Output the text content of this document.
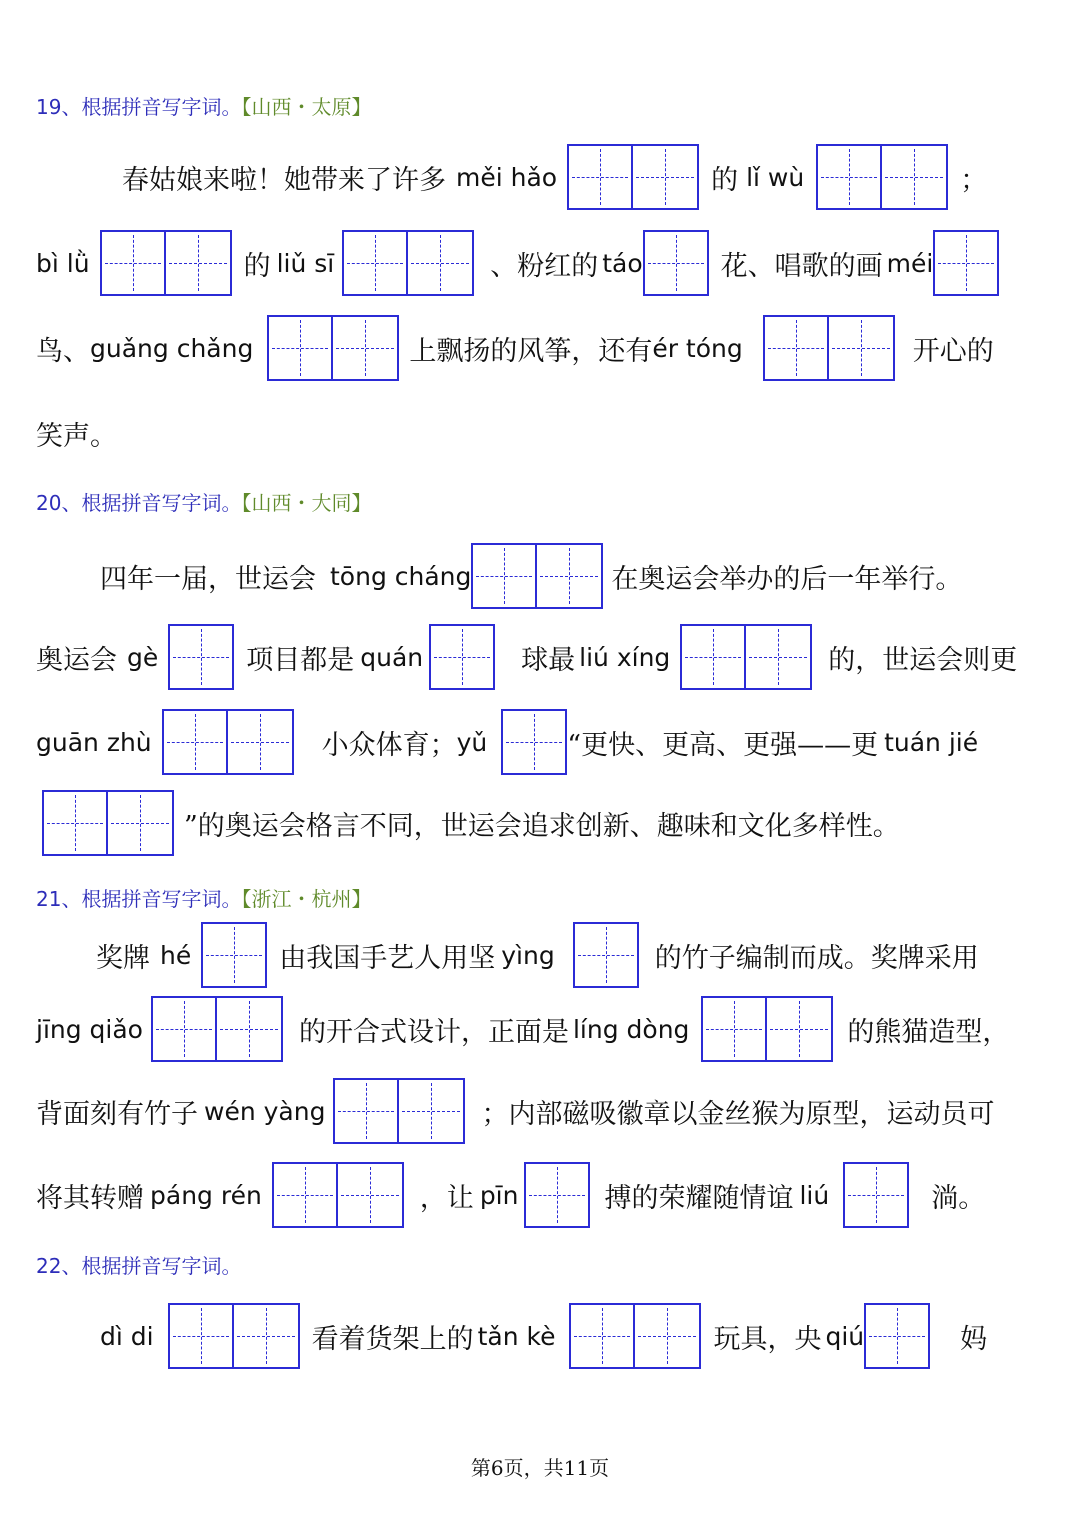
19、根据拼音写字词。【山西・太原】
春姑娘来啦！她带来了许多 měi hǎo	的 lǐ wù	；
bì lǜ	的 liǔ sī	、粉红的 táo	花、唱歌的画 méi
鸟、 guǎng chǎng	上飘扬的风筝，还有 ér tóng	开心的
笑声。
20、根据拼音写字词。【山西・大同】
四年一届，世运会 tōng cháng	在奥运会举办的后一年举行。
奥运会 gè	项目都是 quán	球最 liú xíng	的，世运会则更
guān zhù	小众体育； yǔ	“更快、更高、更强——更 tuán jié
”的奥运会格言不同，世运会追求创新、趣味和文化多样性。
21、根据拼音写字词。【浙江・杭州】
奖牌 hé	由我国手艺人用坚 yìng	的竹子编制而成。奖牌采用
jīng qiǎo	的开合式设计，正面是 líng dòng	的熊猫造型，
背面刻有竹子 wén yàng	；内部磁吸徽章以金丝猴为原型，运动员可
将其转赠 páng rén	，让 pīn	搏的荣耀随情谊 liú	淌。
22、根据拼音写字词。
dì di	看着货架上的 tǎn kè	玩具，央 qiú	妈
第6页，共11页
